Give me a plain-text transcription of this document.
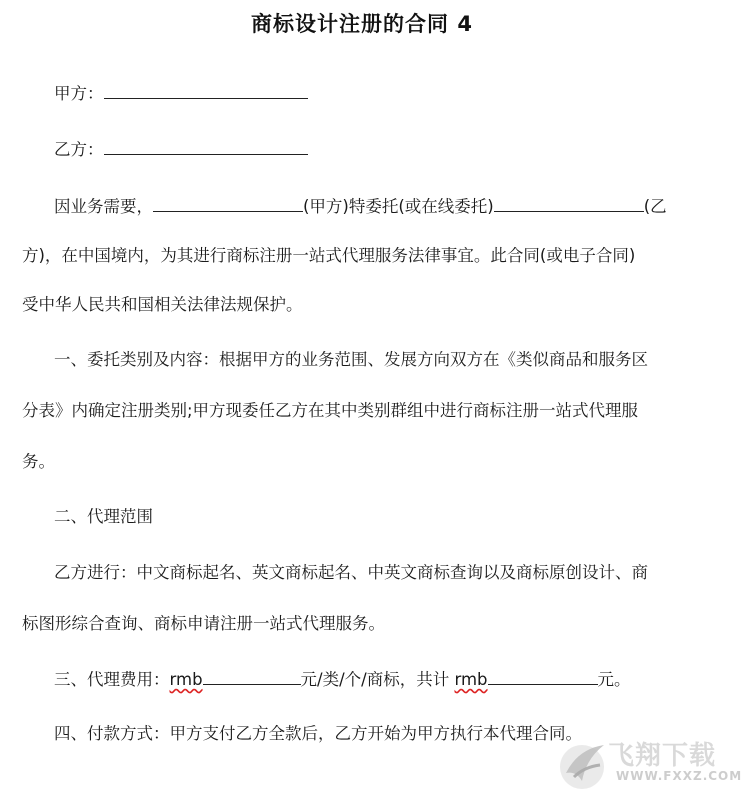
商标设计注册的合同 4
甲方：
乙方：
因业务需要，	(甲方)特委托(或在线委托)	(乙
方)，在中国境内，为其进行商标注册一站式代理服务法律事宜。此合同(或电子合同)
受中华人民共和国相关法律法规保护。
一、委托类别及内容：根据甲方的业务范围、发展方向双方在《类似商品和服务区
分表》内确定注册类别;甲方现委任乙方在其中类别群组中进行商标注册一站式代理服
务。
二、代理范围
乙方进行：中文商标起名、英文商标起名、中英文商标查询以及商标原创设计、商
标图形综合查询、商标申请注册一站式代理服务。
三、代理费用：rmb	元/类/个/商标，共计 rmb	元。
四、付款方式：甲方支付乙方全款后，乙方开始为甲方执行本代理合同。
飞翔下载
WWW.FXXZ.COM
